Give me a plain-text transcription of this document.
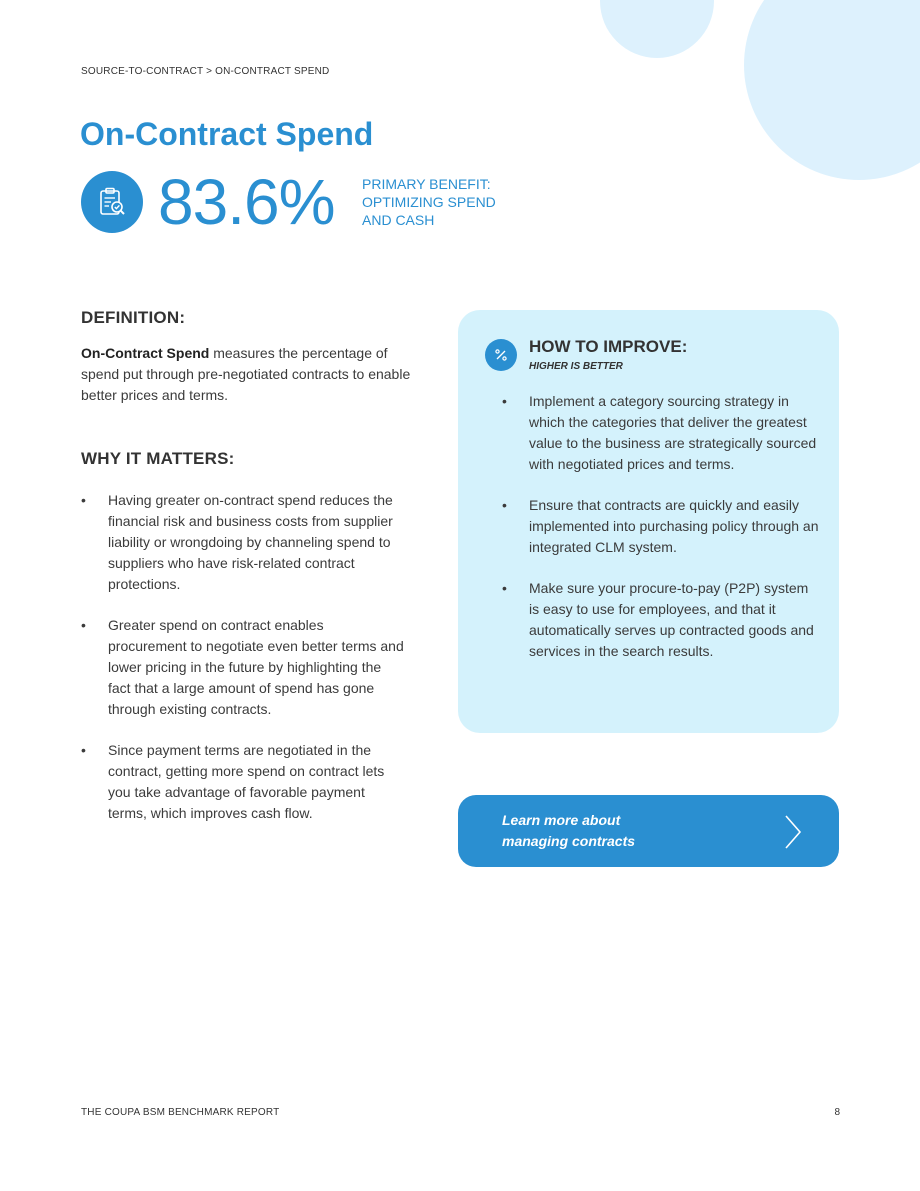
SOURCE-TO-CONTRACT > ON-CONTRACT SPEND
On-Contract Spend
83.6% PRIMARY BENEFIT:
OPTIMIZING SPEND
AND CASH
DEFINITION:

On-Contract Spend measures the percentage of spend put through pre-negotiated contracts to enable better prices and terms.

WHY IT MATTERS:
• Having greater on-contract spend reduces the financial risk and business costs from supplier liability or wrongdoing by channeling spend to suppliers who have risk-related contract protections.
• Greater spend on contract enables procurement to negotiate even better terms and lower pricing in the future by highlighting the fact that a large amount of spend has gone through existing contracts.
• Since payment terms are negotiated in the contract, getting more spend on contract lets you take advantage of favorable payment terms, which improves cash flow.
HOW TO IMPROVE:
HIGHER IS BETTER
• Implement a category sourcing strategy in which the categories that deliver the greatest value to the business are strategically sourced with negotiated prices and terms.
• Ensure that contracts are quickly and easily implemented into purchasing policy through an integrated CLM system.
• Make sure your procure-to-pay (P2P) system is easy to use for employees, and that it automatically serves up contracted goods and services in the search results.
Learn more about
managing contracts
THE COUPA BSM BENCHMARK REPORT	8
